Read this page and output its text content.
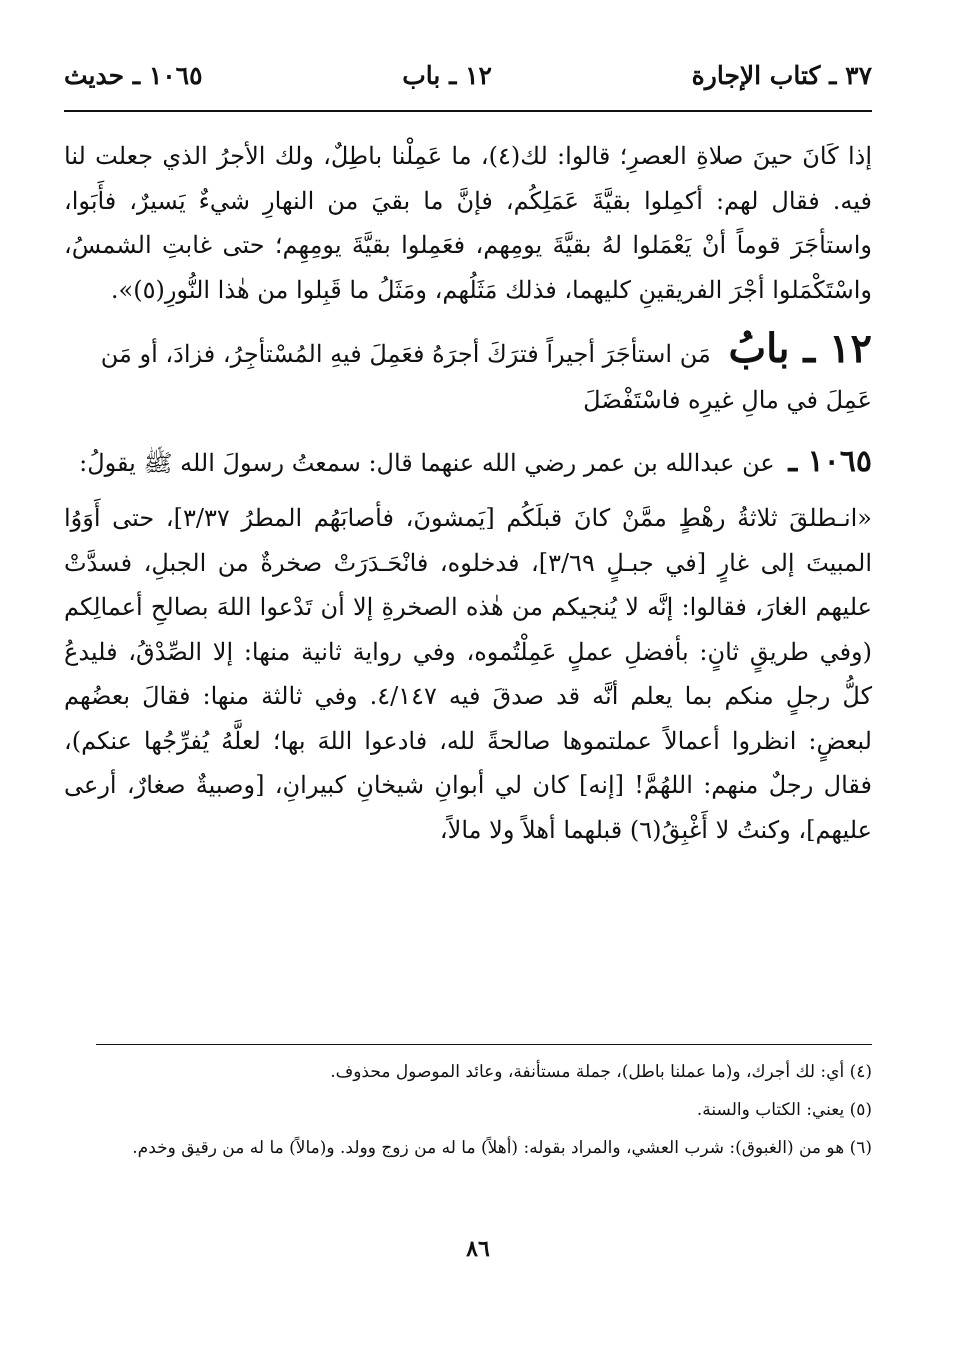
٣٧ ـ كتاب الإجارة
١٢ ـ باب
١٠٦٥ ـ حديث

إذا كَانَ حينَ صلاةِ العصرِ؛ قالوا: لك(٤)، ما عَمِلْنا باطِلٌ، ولك الأجرُ الذي جعلت لنا فيه. فقال لهم: أكمِلوا بقيَّةَ عَمَلِكُم، فإنَّ ما بقيَ من النهارِ شيءٌ يَسيرٌ، فأَبَوا، واستأجَرَ قوماً أنْ يَعْمَلوا لهُ بقيَّةَ يومِهم، فعَمِلوا بقيَّةَ يومِهِم؛ حتى غابتِ الشمسُ، واسْتَكْمَلوا أجْرَ الفريقينِ كليهما، فذلك مَثَلُهم، ومَثَلُ ما قَبِلوا من هٰذا النُّورِ(٥)».

١٢ ـ بابُ مَن استأجَرَ أجيراً فترَكَ أجرَهُ فعَمِلَ فيهِ المُسْتأجِرُ، فزادَ، أو مَن عَمِلَ في مالِ غيرِه فاسْتَفْضَلَ
١٠٦٥ ـ عن عبدالله بن عمر رضي الله عنهما قال: سمعتُ رسولَ الله ﷺ يقولُ:

«انـطلقَ ثلاثةُ رهْطٍ ممَّنْ كانَ قبلَكُم [يَمشونَ، فأصابَهُم المطرُ ٣/٣٧]، حتى أَوَوُا المبيتَ إلى غارٍ [في جبـلٍ ٣/٦٩]، فدخلوه، فانْحَـدَرَتْ صخرةٌ من الجبلِ، فسدَّتْ عليهم الغارَ، فقالوا: إنَّه لا يُنجيكم من هٰذه الصخرةِ إلا أن تَدْعوا اللهَ بصالحِ أعمالِكم (وفي طريقٍ ثانٍ: بأفضلِ عملٍ عَمِلْتُموه، وفي رواية ثانية منها: إلا الصِّدْقُ، فليدعُ كلُّ رجلٍ منكم بما يعلم أنَّه قد صدقَ فيه ٤/١٤٧. وفي ثالثة منها: فقالَ بعضُهم لبعضٍ: انظروا أعمالاً عملتموها صالحةً لله، فادعوا اللهَ بها؛ لعلَّهُ يُفرِّجُها عنكم)، فقال رجلٌ منهم: اللهُمَّ! [إنه] كان لي أبوانِ شيخانِ كبيرانِ، [وصبيةٌ صغارٌ، أرعى عليهم]، وكنتُ لا أَغْبِقُ(٦) قبلهما أهلاً ولا مالاً،

(٤) أي: لك أجرك، و(ما عملنا باطل)، جملة مستأنفة، وعائد الموصول محذوف.

(٥) يعني: الكتاب والسنة.

(٦) هو من (الغبوق): شرب العشي، والمراد بقوله: (أهلاً) ما له من زوج وولد. و(مالاً) ما له من رقيق وخدم.

٨٦
